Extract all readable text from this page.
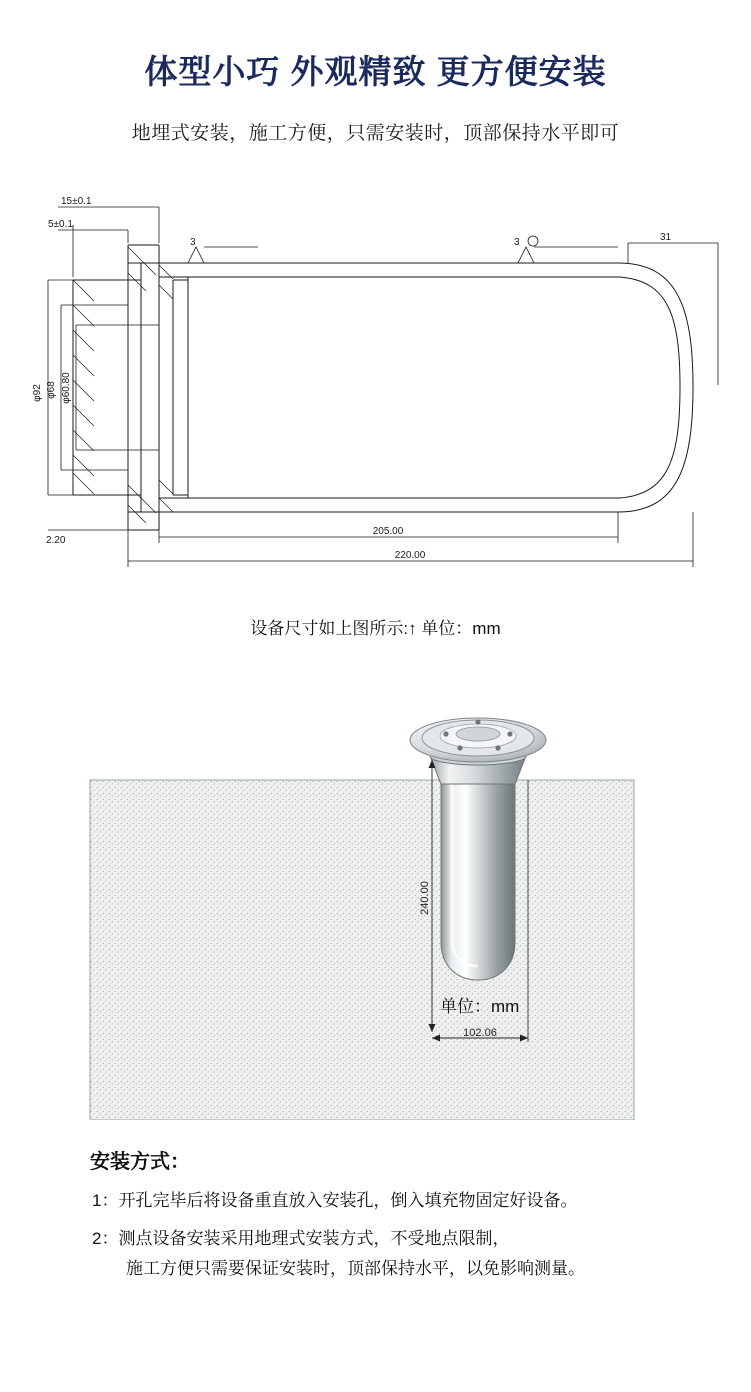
体型小巧 外观精致 更方便安装
地埋式安装，施工方便，只需安装时，顶部保持水平即可
15±0.1
5±0.1
31
φ92 φ68 φ60.80
2.20
205.00
220.00
3	3
设备尺寸如上图所示:↑ 单位：mm
240.00
102.06
单位：mm
安装方式：
1：开孔完毕后将设备重直放入安装孔，倒入填充物固定好设备。
2：测点设备安装采用地理式安装方式，不受地点限制，
施工方便只需要保证安装时，顶部保持水平，以免影响测量。
